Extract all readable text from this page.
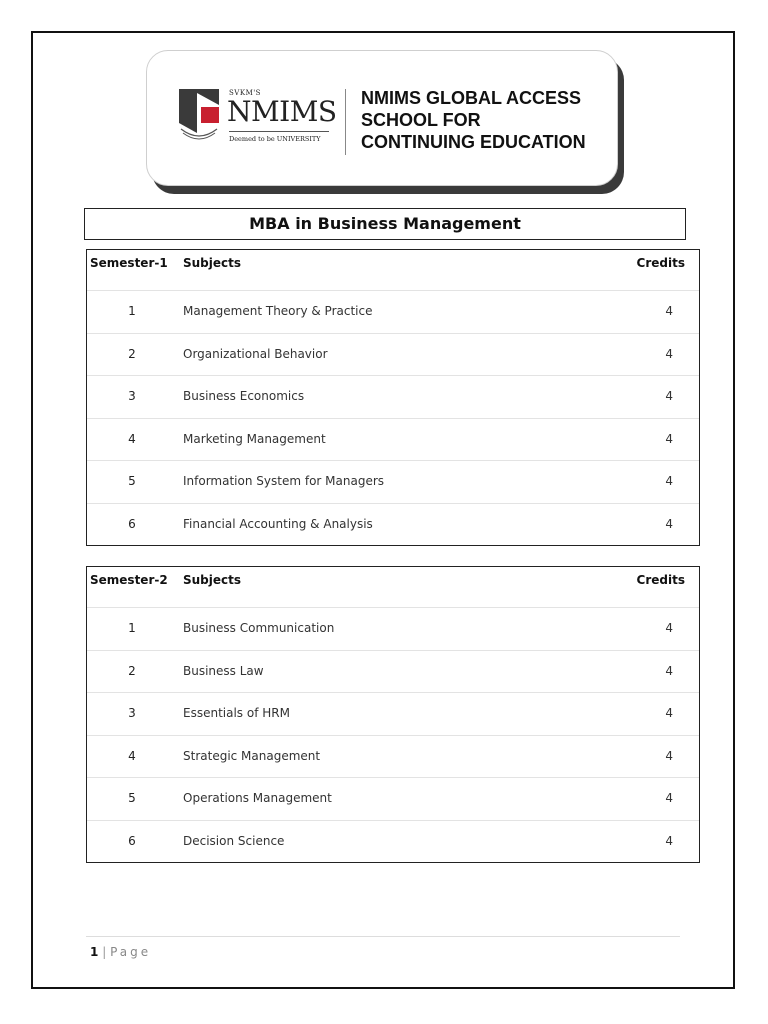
SVKM'S
NMIMS
Deemed to be UNIVERSITY
NMIMS GLOBAL ACCESS
SCHOOL FOR
CONTINUING EDUCATION
MBA in Business Management
Semester-1 Subjects	Credits
1	Management Theory & Practice	4
2	Organizational Behavior	4
3	Business Economics	4
4	Marketing Management	4
5	Information System for Managers	4
6	Financial Accounting & Analysis	4
Semester-2 Subjects	Credits
1	Business Communication	4
2	Business Law	4
3	Essentials of HRM	4
4	Strategic Management	4
5	Operations Management	4
6	Decision Science	4
1 | Page
